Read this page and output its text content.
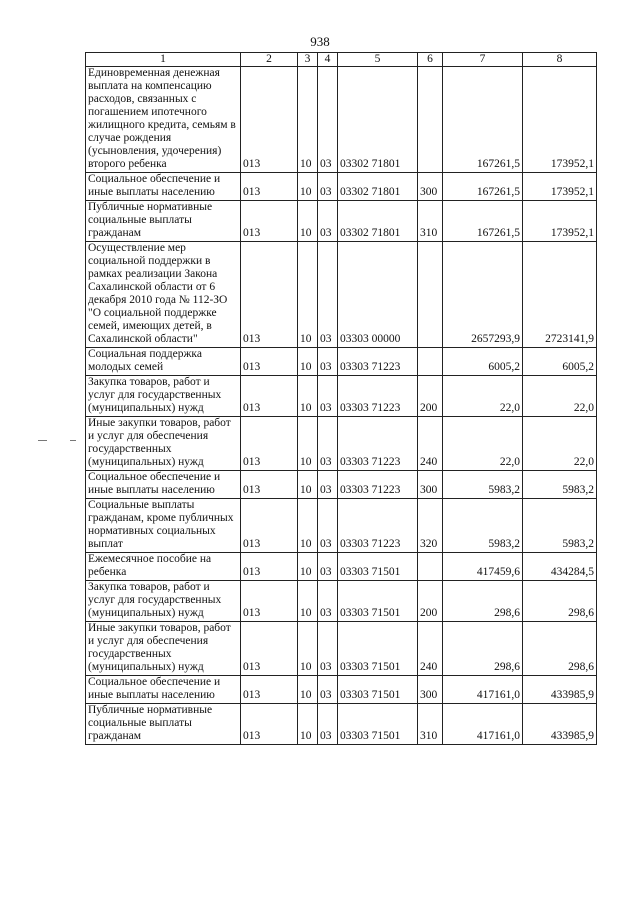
938
1	2	3	4	5	6	7	8
Единовременная денежная выплата на компенсацию расходов, связанных с погашением ипотечного жилищного кредита, семьям в случае рождения (усыновления, удочерения) второго ребенка	013	10	03	03302 71801		167261,5	173952,1
Социальное обеспечение и иные выплаты населению	013	10	03	03302 71801	300	167261,5	173952,1
Публичные нормативные социальные выплаты гражданам	013	10	03	03302 71801	310	167261,5	173952,1
Осуществление мер социальной поддержки в рамках реализации Закона Сахалинской области от 6 декабря 2010 года № 112-ЗО "О социальной поддержке семей, имеющих детей, в Сахалинской области"	013	10	03	03303 00000		2657293,9	2723141,9
Социальная поддержка молодых семей	013	10	03	03303 71223		6005,2	6005,2
Закупка товаров, работ и услуг для государственных (муниципальных) нужд	013	10	03	03303 71223	200	22,0	22,0
Иные закупки товаров, работ и услуг для обеспечения государственных (муниципальных) нужд	013	10	03	03303 71223	240	22,0	22,0
Социальное обеспечение и иные выплаты населению	013	10	03	03303 71223	300	5983,2	5983,2
Социальные выплаты гражданам, кроме публичных нормативных социальных выплат	013	10	03	03303 71223	320	5983,2	5983,2
Ежемесячное пособие на ребенка	013	10	03	03303 71501		417459,6	434284,5
Закупка товаров, работ и услуг для государственных (муниципальных) нужд	013	10	03	03303 71501	200	298,6	298,6
Иные закупки товаров, работ и услуг для обеспечения государственных (муниципальных) нужд	013	10	03	03303 71501	240	298,6	298,6
Социальное обеспечение и иные выплаты населению	013	10	03	03303 71501	300	417161,0	433985,9
Публичные нормативные социальные выплаты гражданам	013	10	03	03303 71501	310	417161,0	433985,9
